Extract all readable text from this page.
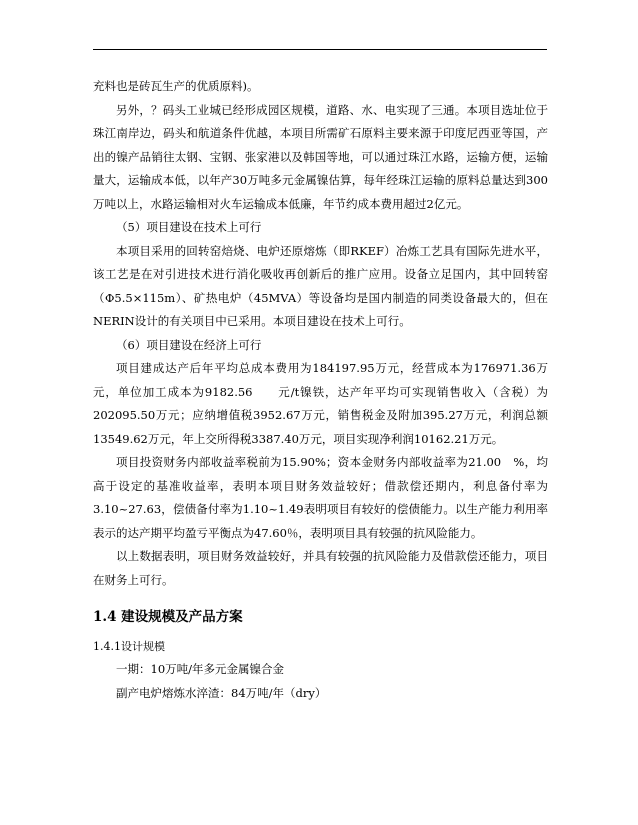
充料也是砖瓦生产的优质原料)。

另外，？码头工业城已经形成园区规模，道路、水、电实现了三通。本项目选址位于珠江南岸边，码头和航道条件优越，本项目所需矿石原料主要来源于印度尼西亚等国，产出的镍产品销往太钢、宝钢、张家港以及韩国等地，可以通过珠江水路，运输方便，运输量大，运输成本低，以年产30万吨多元金属镍估算，每年经珠江运输的原料总量达到300万吨以上，水路运输相对火车运输成本低廉，年节约成本费用超过2亿元。

（5）项目建设在技术上可行

本项目采用的回转窑焙烧、电炉还原熔炼（即RKEF）冶炼工艺具有国际先进水平，该工艺是在对引进技术进行消化吸收再创新后的推广应用。设备立足国内，其中回转窑（Φ5.5×115m）、矿热电炉（45MVA）等设备均是国内制造的同类设备最大的，但在NERIN设计的有关项目中已采用。本项目建设在技术上可行。

（6）项目建设在经济上可行

项目建成达产后年平均总成本费用为184197.95万元，经营成本为176971.36万元，单位加工成本为9182.56　　元/t镍铁，达产年平均可实现销售收入（含税）为202095.50万元；应纳增值税3952.67万元，销售税金及附加395.27万元，利润总额13549.62万元，年上交所得税3387.40万元，项目实现净利润10162.21万元。

项目投资财务内部收益率税前为15.90%；资本金财务内部收益率为21.00　%，均高于设定的基准收益率，表明本项目财务效益较好；借款偿还期内，利息备付率为3.10~27.63，偿债备付率为1.10~1.49表明项目有较好的偿债能力。以生产能力利用率表示的达产期平均盈亏平衡点为47.60％，表明项目具有较强的抗风险能力。

以上数据表明，项目财务效益较好，并具有较强的抗风险能力及借款偿还能力，项目在财务上可行。

1.4 建设规模及产品方案

1.4.1设计规模

一期：10万吨/年多元金属镍合金

副产电炉熔炼水淬渣：84万吨/年（dry）
